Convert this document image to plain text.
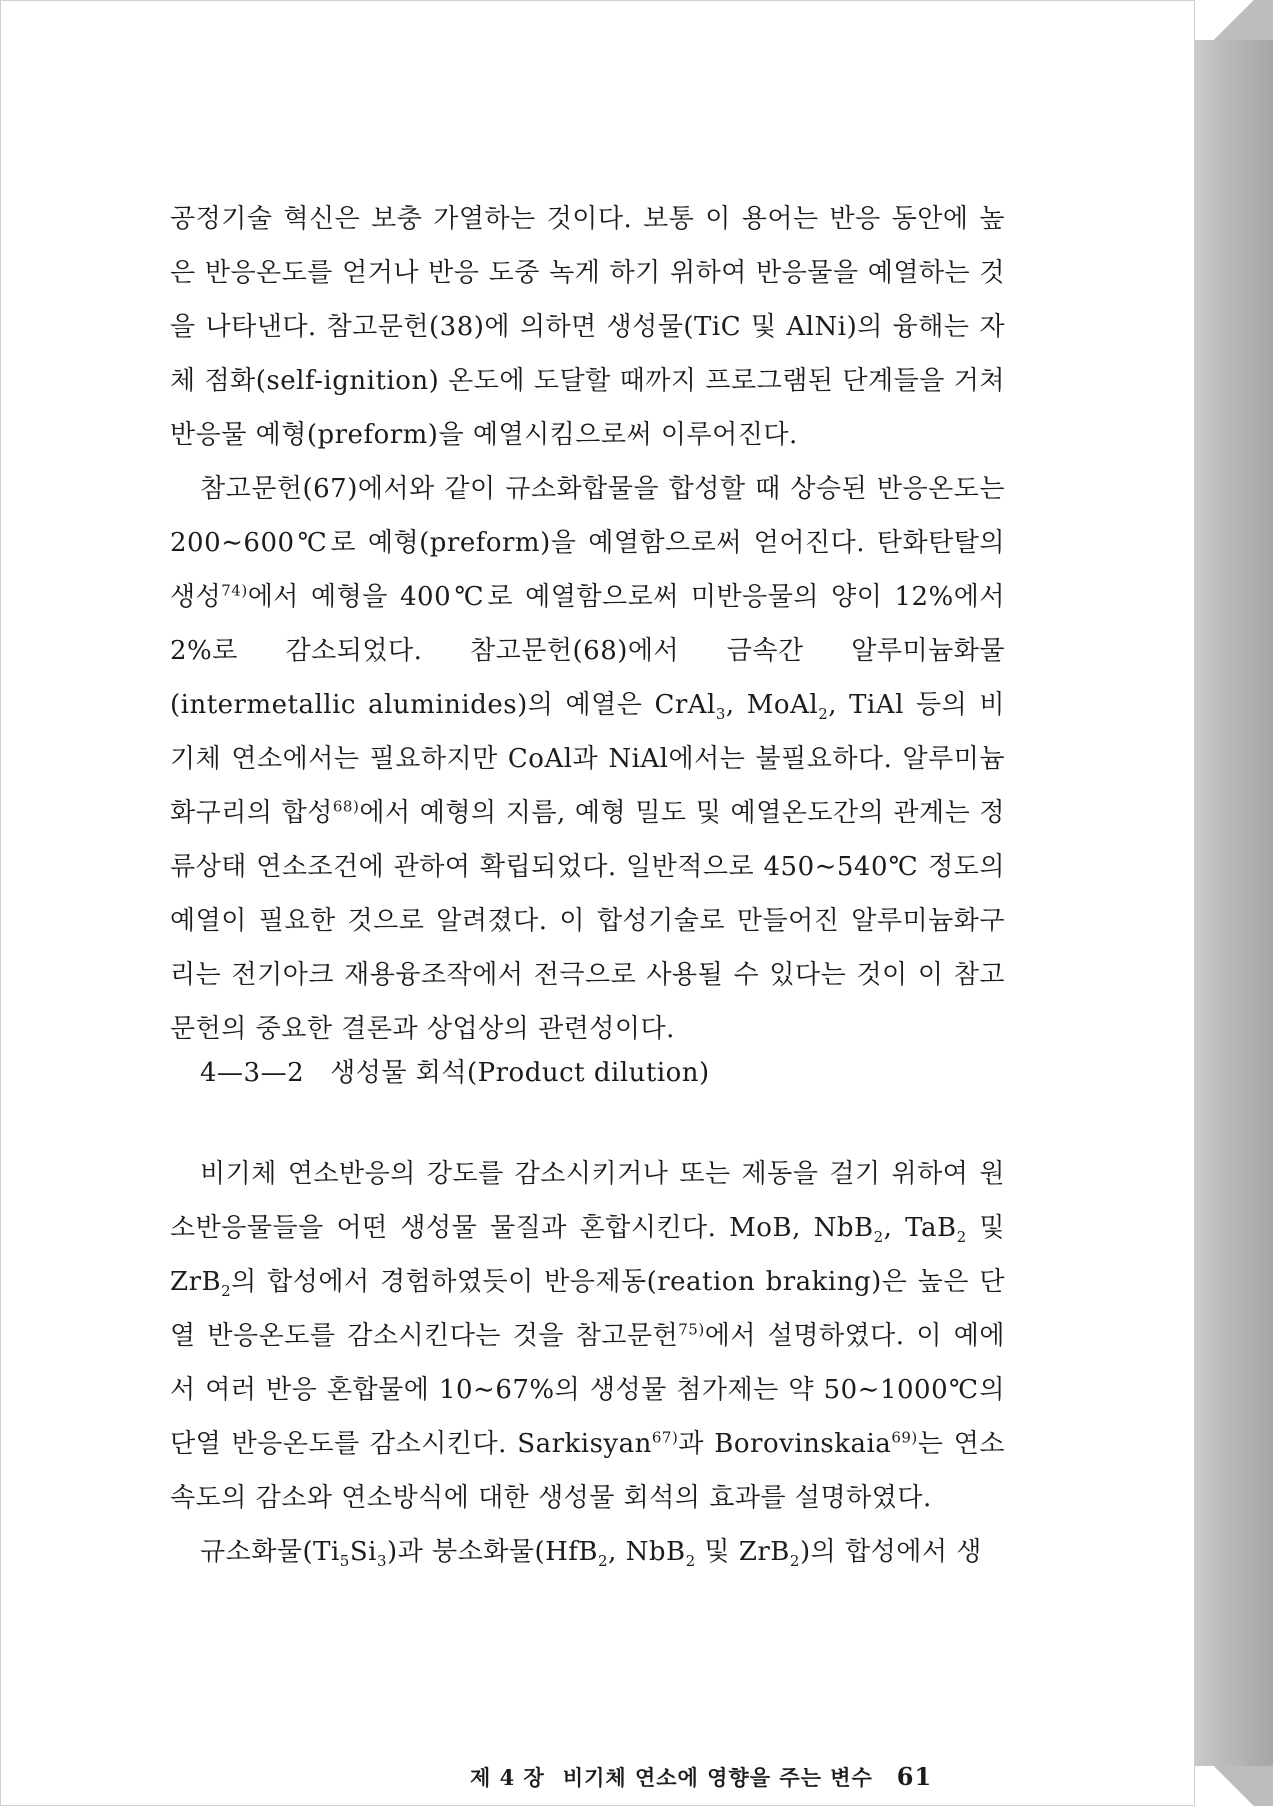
공정기술 혁신은 보충 가열하는 것이다. 보통 이 용어는 반응 동안에 높은 반응온도를 얻거나 반응 도중 녹게 하기 위하여 반응물을 예열하는 것을 나타낸다. 참고문헌(38)에 의하면 생성물(TiC 및 AlNi)의 융해는 자체 점화(self-ignition) 온도에 도달할 때까지 프로그램된 단계들을 거쳐 반응물 예형(preform)을 예열시킴으로써 이루어진다.

참고문헌(67)에서와 같이 규소화합물을 합성할 때 상승된 반응온도는 200∼600℃로 예형(preform)을 예열함으로써 얻어진다. 탄화탄탈의 생성$^{74)}$에서 예형을 400℃로 예열함으로써 미반응물의 양이 12%에서 2%로 감소되었다. 참고문헌(68)에서 금속간 알루미늄화물(intermetallic aluminides)의 예열은 CrAl$_3$, MoAl$_2$, TiAl 등의 비기체 연소에서는 필요하지만 CoAl과 NiAl에서는 불필요하다. 알루미늄화구리의 합성$^{68)}$에서 예형의 지름, 예형 밀도 및 예열온도간의 관계는 정류상태 연소조건에 관하여 확립되었다. 일반적으로 450∼540℃ 정도의 예열이 필요한 것으로 알려졌다. 이 합성기술로 만들어진 알루미늄화구리는 전기아크 재용융조작에서 전극으로 사용될 수 있다는 것이 이 참고문헌의 중요한 결론과 상업상의 관련성이다.

4—3—2 생성물 회석(Product dilution)

비기체 연소반응의 강도를 감소시키거나 또는 제동을 걸기 위하여 원소반응물들을 어떤 생성물 물질과 혼합시킨다. MoB, NbB$_2$, TaB$_2$ 및 ZrB$_2$의 합성에서 경험하였듯이 반응제동(reation braking)은 높은 단열 반응온도를 감소시킨다는 것을 참고문헌$^{75)}$에서 설명하였다. 이 예에서 여러 반응 혼합물에 10∼67%의 생성물 첨가제는 약 50∼1000℃의 단열 반응온도를 감소시킨다. Sarkisyan$^{67)}$과 Borovinskaia$^{69)}$는 연소속도의 감소와 연소방식에 대한 생성물 회석의 효과를 설명하였다.

규소화물$(Ti_5Si_3)$과 붕소화물(HfB$_2$, NbB$_2$ 및 ZrB$_2$)의 합성에서 생

제 4 장 비기체 연소에 영향을 주는 변수 61
